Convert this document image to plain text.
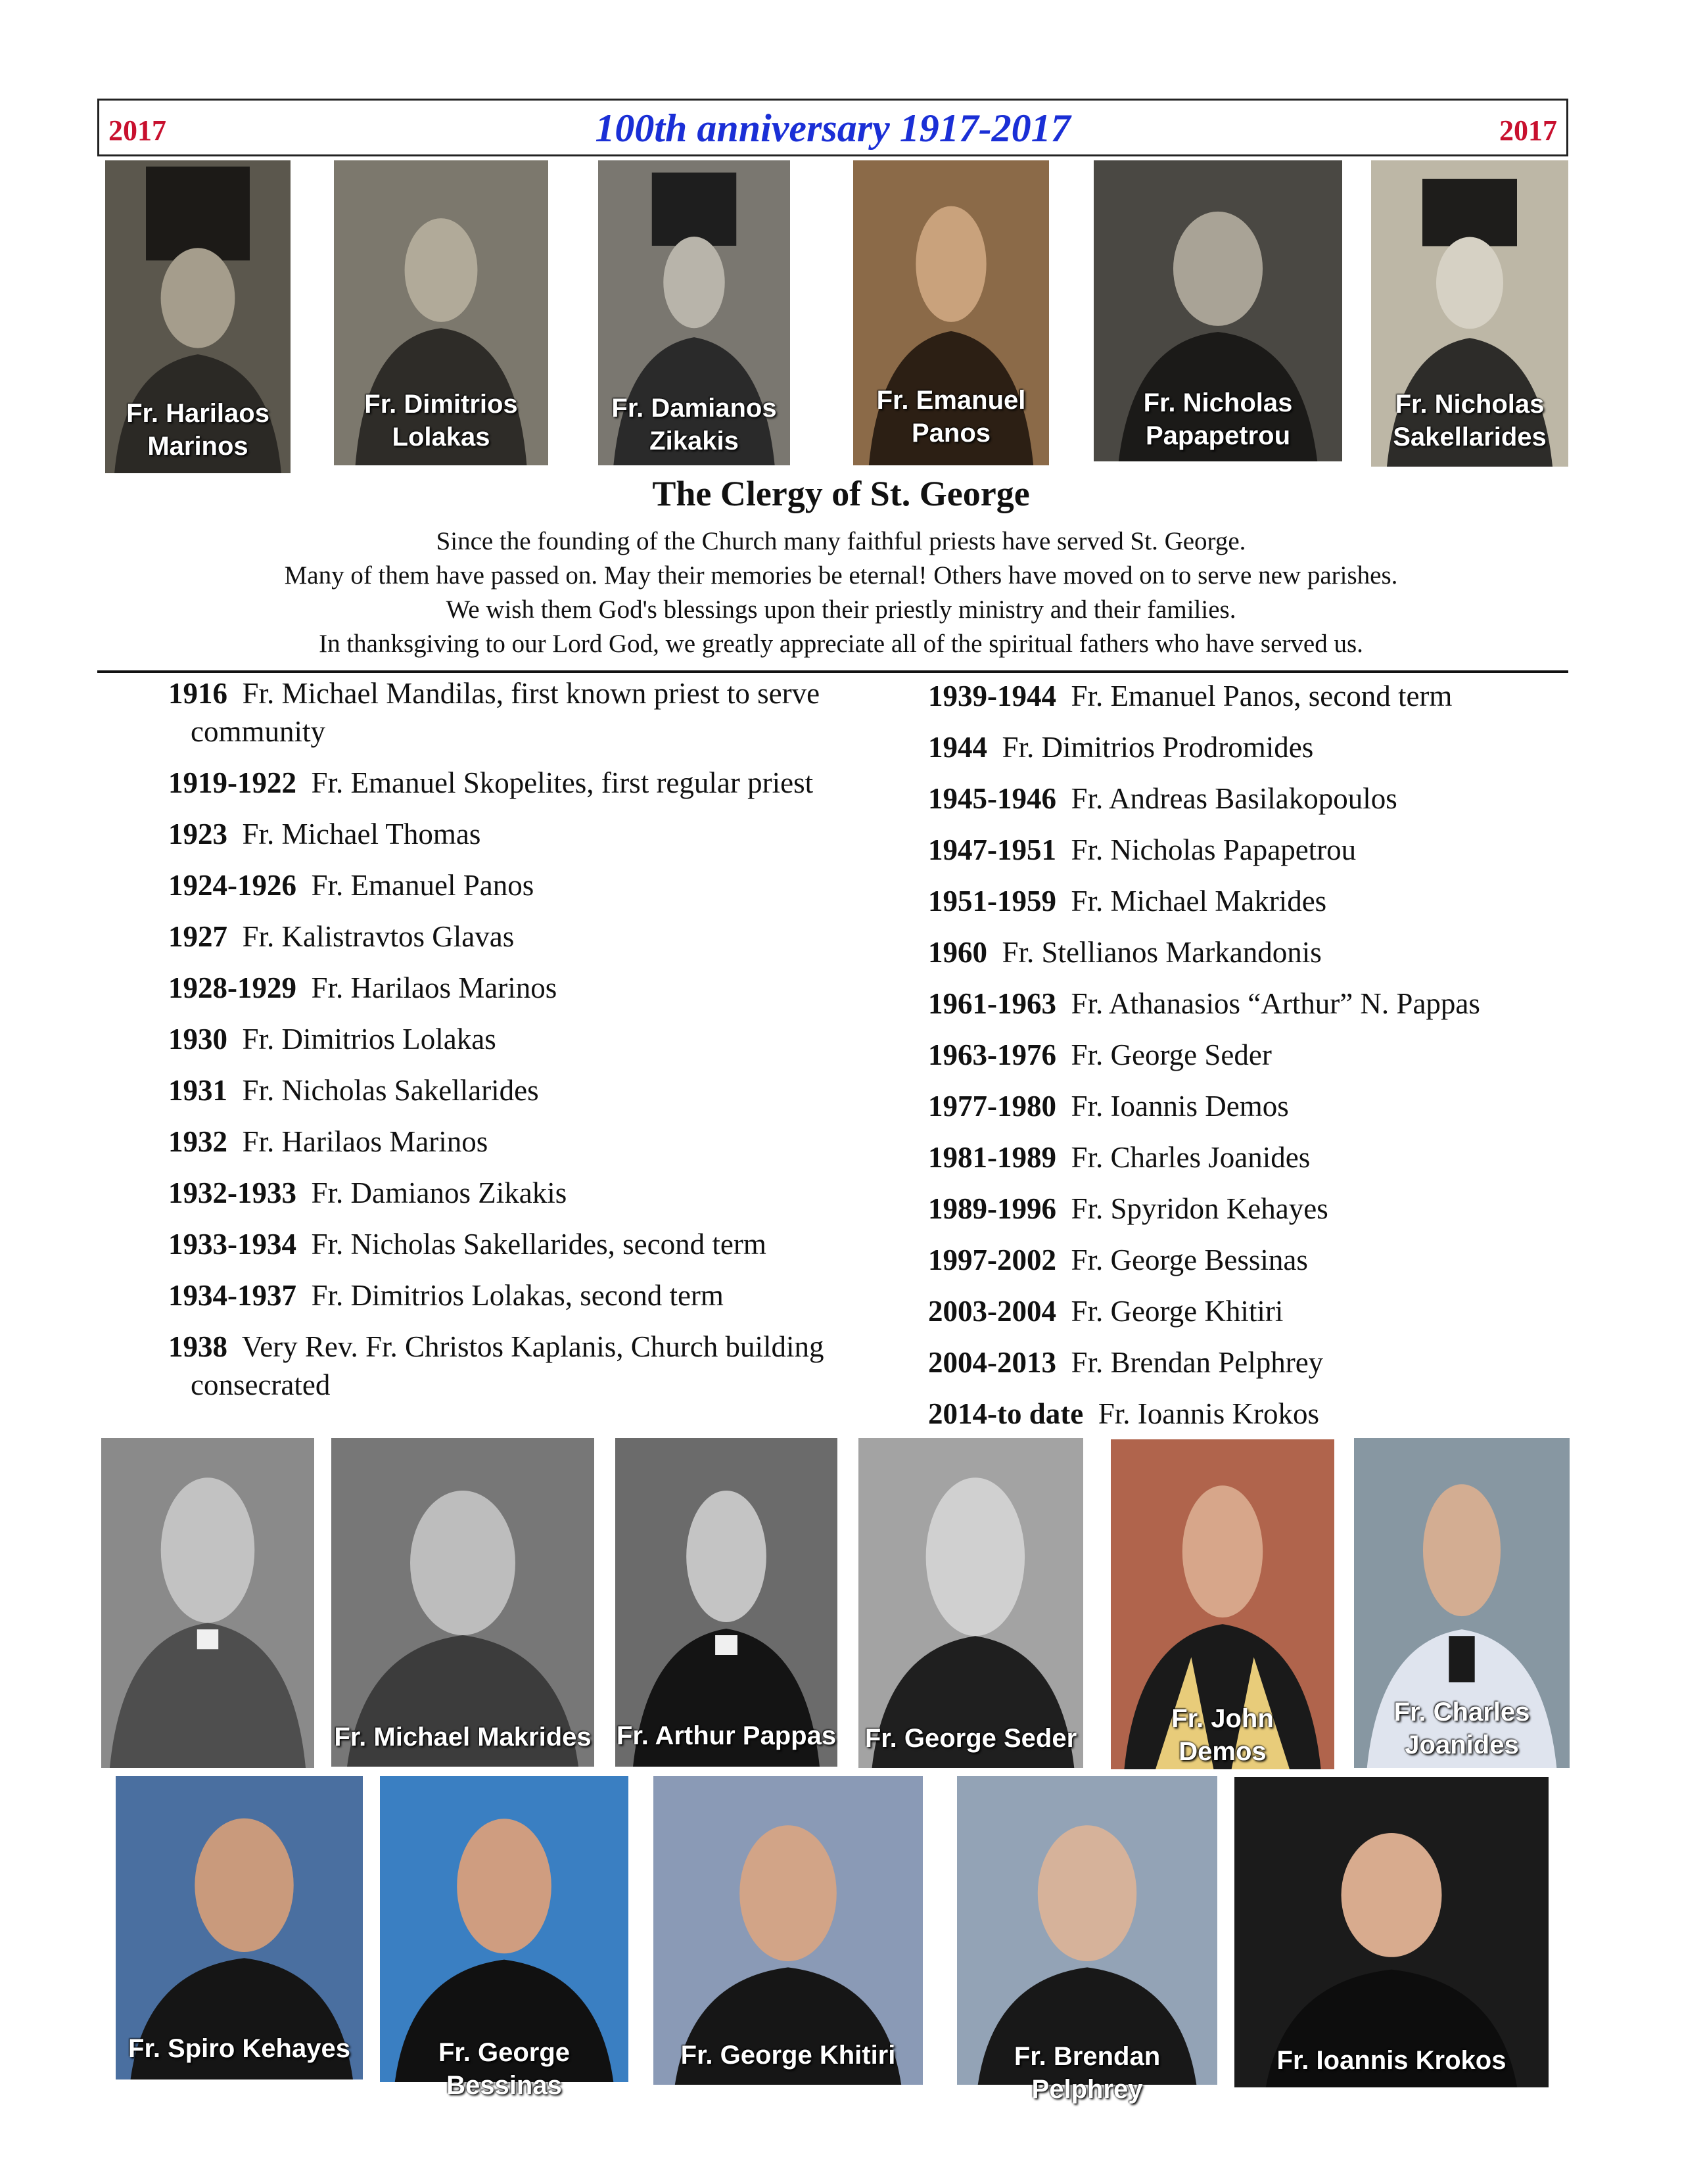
2017	100th anniversary 1917-2017	2017
Fr. Harilaos
Marinos
Fr. Dimitrios
Lolakas
Fr. Damianos
Zikakis
Fr. Emanuel
Panos
Fr. Nicholas
Papapetrou
Fr. Nicholas
Sakellarides
The Clergy of St. George
Since the founding of the Church many faithful priests have served St. George.
Many of them have passed on. May their memories be eternal! Others have moved on to serve new parishes.
We wish them God's blessings upon their priestly ministry and their families.
In thanksgiving to our Lord God, we greatly appreciate all of the spiritual fathers who have served us.
1916 Fr. Michael Mandilas, first known priest to serve community
1919-1922 Fr. Emanuel Skopelites, first regular priest
1923 Fr. Michael Thomas
1924-1926 Fr. Emanuel Panos
1927 Fr. Kalistravtos Glavas
1928-1929 Fr. Harilaos Marinos
1930 Fr. Dimitrios Lolakas
1931 Fr. Nicholas Sakellarides
1932 Fr. Harilaos Marinos
1932-1933 Fr. Damianos Zikakis
1933-1934 Fr. Nicholas Sakellarides, second term
1934-1937 Fr. Dimitrios Lolakas, second term
1938 Very Rev. Fr. Christos Kaplanis, Church building consecrated
1939-1944 Fr. Emanuel Panos, second term
1944 Fr. Dimitrios Prodromides
1945-1946 Fr. Andreas Basilakopoulos
1947-1951 Fr. Nicholas Papapetrou
1951-1959 Fr. Michael Makrides
1960 Fr. Stellianos Markandonis
1961-1963 Fr. Athanasios “Arthur” N. Pappas
1963-1976 Fr. George Seder
1977-1980 Fr. Ioannis Demos
1981-1989 Fr. Charles Joanides
1989-1996 Fr. Spyridon Kehayes
1997-2002 Fr. George Bessinas
2003-2004 Fr. George Khitiri
2004-2013 Fr. Brendan Pelphrey
2014-to date Fr. Ioannis Krokos
Fr. Michael Makrides Fr. Arthur Pappas Fr. George Seder
Fr. John
Demos
Fr. Charles
Joanides
Fr. Spiro Kehayes	Fr. George Bessinas
Fr. George Khitiri	Fr. Brendan Pelphrey
Fr. Ioannis Krokos
